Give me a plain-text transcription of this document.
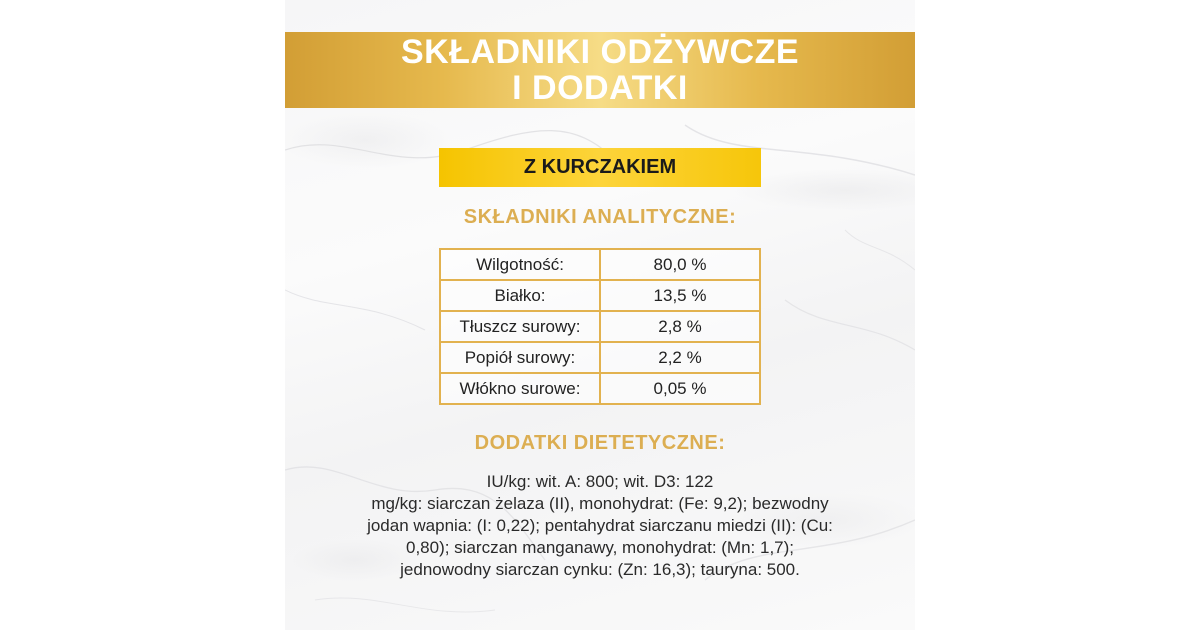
SKŁADNIKI ODŻYWCZE
I DODATKI
Z KURCZAKIEM
SKŁADNIKI ANALITYCZNE:
Wilgotność:	80,0 %
Białko:	13,5 %
Tłuszcz surowy:	2,8 %
Popiół surowy:	2,2 %
Włókno surowe:	0,05 %
DODATKI DIETETYCZNE:
IU/kg: wit. A: 800; wit. D3: 122
mg/kg: siarczan żelaza (II), monohydrat: (Fe: 9,2); bezwodny
jodan wapnia: (I: 0,22); pentahydrat siarczanu miedzi (II): (Cu:
0,80); siarczan manganawy, monohydrat: (Mn: 1,7);
jednowodny siarczan cynku: (Zn: 16,3); tauryna: 500.
